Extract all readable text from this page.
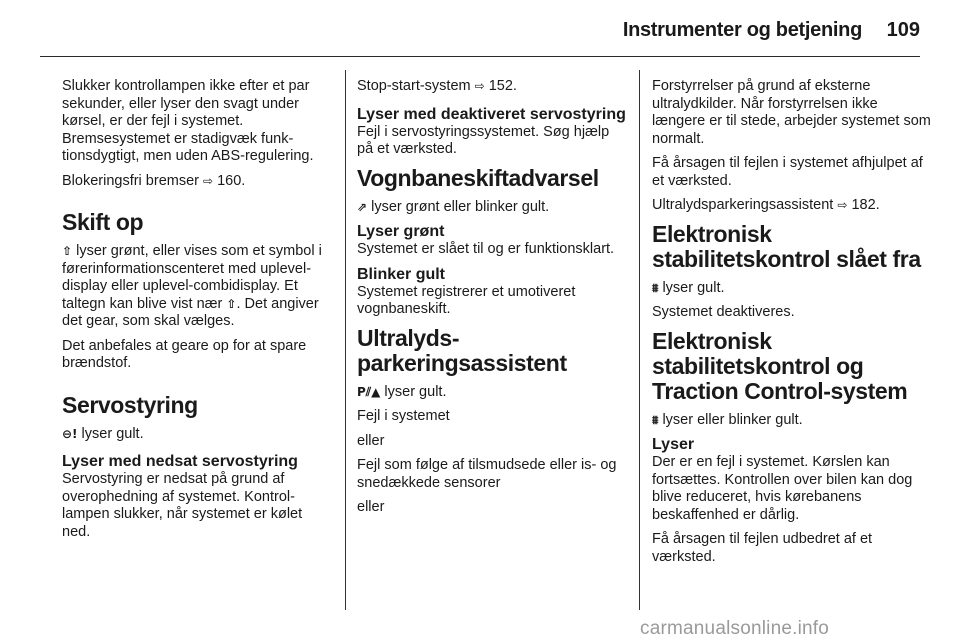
Instrumenter og betjening 109

Slukker kontrollampen ikke efter et par sekunder, eller lyser den svagt under kørsel, er der fejl i systemet. Bremsesystemet er stadigvæk funktionsdygtigt, men uden ABS-regulering.

Blokeringsfri bremser ⇨ 160.

Skift op

⇧ lyser grønt, eller vises som et symbol i førerinformationscenteret med uplevel-display eller uplevel-combidisplay. Et taltegn kan blive vist nær ⇧. Det angiver det gear, som skal vælges.

Det anbefales at geare op for at spare brændstof.

Servostyring

⊖! lyser gult.

Lyser med nedsat servostyring

Servostyring er nedsat på grund af overophedning af systemet. Kontrollampen slukker, når systemet er kølet ned.

Stop-start-system ⇨ 152.

Lyser med deaktiveret servostyring

Fejl i servostyringssystemet. Søg hjælp på et værksted.

Vognbaneskiftadvarsel

⇗ lyser grønt eller blinker gult.

Lyser grønt

Systemet er slået til og er funktionsklart.

Blinker gult

Systemet registrerer et umotiveret vognbaneskift.

Ultralydsparkeringsassistent

P⫽▲ lyser gult.

Fejl i systemet

eller

Fejl som følge af tilsmudsede eller is- og snedækkede sensorer

eller

Forstyrrelser på grund af eksterne ultralydkilder. Når forstyrrelsen ikke længere er til stede, arbejder systemet som normalt.

Få årsagen til fejlen i systemet afhjulpet af et værksted.

Ultralydsparkeringsassistent ⇨ 182.

Elektronisk stabilitetskontrol slået fra

⩩ lyser gult.

Systemet deaktiveres.

Elektronisk stabilitetskontrol og Traction Control-system

⩩ lyser eller blinker gult.

Lyser

Der er en fejl i systemet. Kørslen kan fortsættes. Kontrollen over bilen kan dog blive reduceret, hvis kørebanens beskaffenhed er dårlig.

Få årsagen til fejlen udbedret af et værksted.

carmanualsonline.info
